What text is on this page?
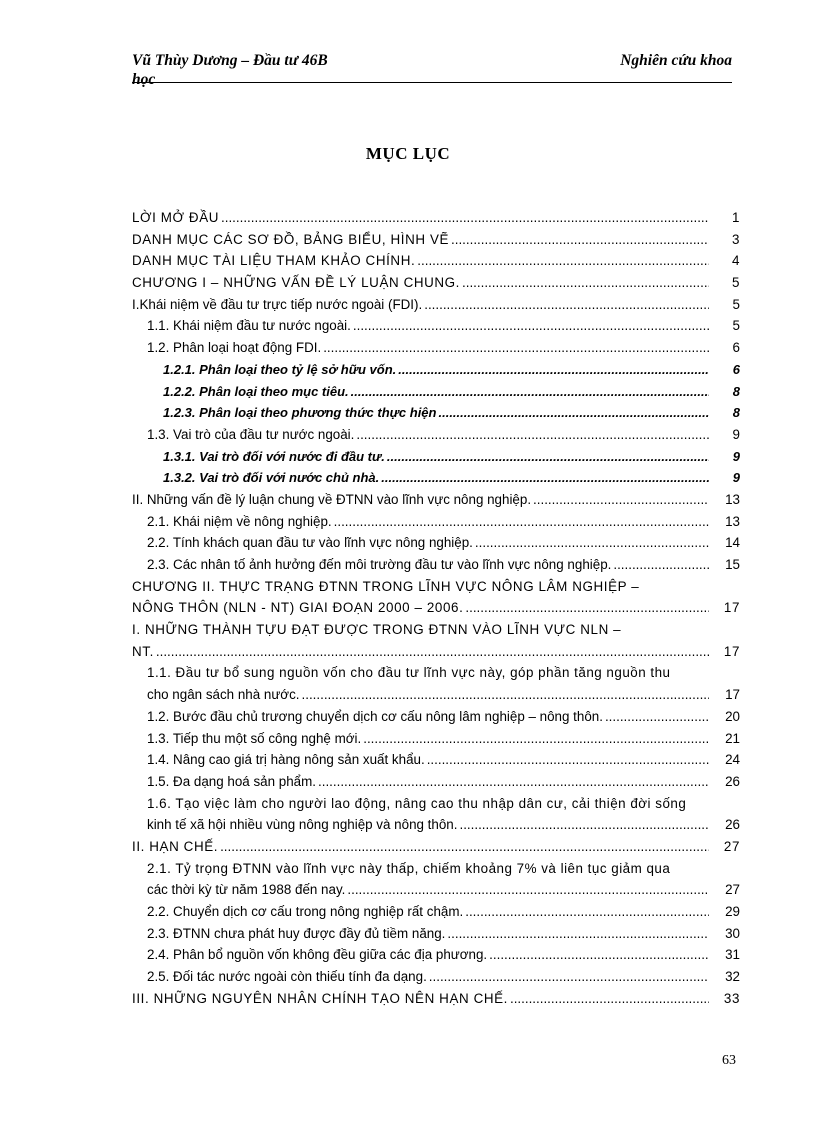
Vũ Thùy Dương – Đầu tư 46B	Nghiên cứu khoa
học
MỤC LỤC
LỜI MỞ ĐẦU .....	1
DANH MỤC CÁC SƠ ĐỒ, BẢNG BIỂU, HÌNH VẼ .....	3
DANH MỤC TÀI LIỆU THAM KHẢO CHÍNH. .....	4
CHƯƠNG I – NHỮNG VẤN ĐỀ LÝ LUẬN CHUNG. .....	5
I.Khái niệm về đầu tư trực tiếp nước ngoài (FDI). .....	5
1.1. Khái niệm đầu tư nước ngoài. .....	5
1.2. Phân loại hoạt động FDI. .....	6
1.2.1. Phân loại theo tỷ lệ sở hữu vốn. .....	6
1.2.2. Phân loại theo mục tiêu. .....	8
1.2.3. Phân loại theo phương thức thực hiện .....	8
1.3. Vai trò của đầu tư nước ngoài. .....	9
1.3.1. Vai trò đối với nước đi đầu tư. .....	9
1.3.2. Vai trò đối với nước chủ nhà. .....	9
II. Những vấn đề lý luận chung về ĐTNN vào lĩnh vực nông nghiệp. .....	13
2.1. Khái niệm về nông nghiệp. .....	13
2.2. Tính khách quan đầu tư vào lĩnh vực nông nghiệp. .....	14
2.3. Các nhân tố ảnh hưởng đến môi trường đầu tư vào lĩnh vực nông nghiệp. .....	15
CHƯƠNG II. THỰC TRẠNG ĐTNN TRONG LĨNH VỰC NÔNG LÂM NGHIỆP –
NÔNG THÔN (NLN - NT) GIAI ĐOẠN 2000 – 2006. .....	17
I. NHỮNG THÀNH TỰU ĐẠT ĐƯỢC TRONG ĐTNN VÀO LĨNH VỰC NLN –
NT. .....	17
1.1. Đầu tư bổ sung nguồn vốn cho đầu tư lĩnh vực này, góp phần tăng nguồn thu
cho ngân sách nhà nước. .....	17
1.2. Bước đầu chủ trương chuyển dịch cơ cấu nông lâm nghiệp – nông thôn. .....	20
1.3. Tiếp thu một số công nghệ mới. .....	21
1.4. Nâng cao giá trị hàng nông sản xuất khẩu. .....	24
1.5. Đa dạng hoá sản phẩm. .....	26
1.6. Tạo việc làm cho người lao động, nâng cao thu nhập dân cư, cải thiện đời sống
kinh tế xã hội nhiều vùng nông nghiệp và nông thôn. .....	26
II. HẠN CHẾ. .....	27
2.1. Tỷ trọng ĐTNN vào lĩnh vực này thấp, chiếm khoảng 7% và liên tục giảm qua
các thời kỳ từ năm 1988 đến nay. .....	27
2.2. Chuyển dịch cơ cấu trong nông nghiệp rất chậm. .....	29
2.3. ĐTNN chưa phát huy được đầy đủ tiềm năng. .....	30
2.4. Phân bổ nguồn vốn không đều giữa các địa phương. .....	31
2.5. Đối tác nước ngoài còn thiếu tính đa dạng. .....	32
III. NHỮNG NGUYÊN NHÂN CHÍNH TẠO NÊN HẠN CHẾ. .....	33
63
